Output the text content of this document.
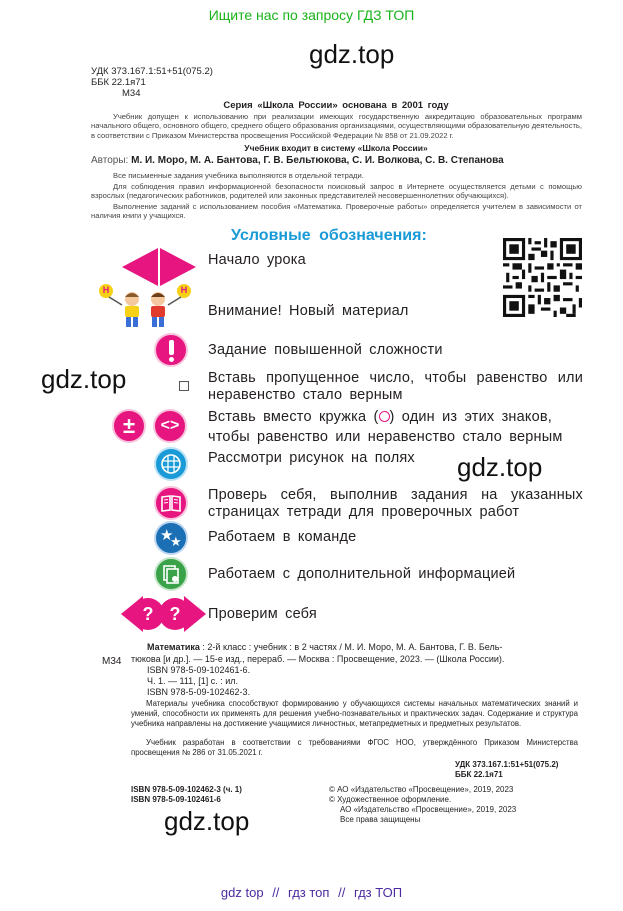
Ищите нас по запросу ГДЗ ТОП
gdz.top
gdz.top
gdz.top
gdz.top
УДК 373.167.1:51+51(075.2)
ББК 22.1я71
М34
Серия «Школа России» основана в 2001 году
Учебник допущен к использованию при реализации имеющих государственную аккредитацию образовательных программ начального общего, основного общего, среднего общего образования организациями, осуществляющими образовательную деятельность, в соответствии с Приказом Министерства просвещения Российской Федерации № 858 от 21.09.2022 г.
Учебник входит в систему «Школа России»
Авторы: М. И. Моро, М. А. Бантова, Г. В. Бельтюкова, С. И. Волкова, С. В. Степанова
Все письменные задания учебника выполняются в отдельной тетради.
Для соблюдения правил информационной безопасности поисковый запрос в Интернете осуществляется детьми с помощью взрослых (педагогических работников, родителей или законных представителей несовершеннолетних обучающихся).
Выполнение заданий с использованием пособия «Математика. Проверочные работы» определяется учителем в зависимости от наличия книги у учащихся.
Условные обозначения:
Начало урока
Н	Н
Внимание! Новый материал
Задание повышенной сложности
Вставь пропущенное число, чтобы равенство или неравенство стало верным
±	<>	Вставь вместо кружка ( ) один из этих знаков,
чтобы равенство или неравенство стало верным
Рассмотри рисунок на полях
Проверь себя, выполнив задания на указанных страницах тетради для проверочных работ
★
★ Работаем в команде
Работаем с дополнительной информацией
? ?	Проверим себя
М34
Математика : 2-й класс : учебник : в 2 частях / М. И. Моро, М. А. Бантова, Г. В. Бель-
тюкова [и др.]. — 15-е изд., перераб. — Москва : Просвещение, 2023. — (Школа России).
ISBN 978-5-09-102461-6.
Ч. 1. — 111, [1] с. : ил.
ISBN 978-5-09-102462-3.
Материалы учебника способствуют формированию у обучающихся системы начальных математических знаний и умений, способности их применять для решения учебно-познавательных и практических задач. Содержание и структура учебника направлены на достижение учащимися личностных, метапредметных и предметных результатов.
Учебник разработан в соответствии с требованиями ФГОС НОО, утверждённого Приказом Министерства просвещения № 286 от 31.05.2021 г.
УДК 373.167.1:51+51(075.2)
ББК 22.1я71
ISBN 978-5-09-102462-3 (ч. 1)
ISBN 978-5-09-102461-6
© АО «Издательство «Просвещение», 2019, 2023
© Художественное оформление.
АО «Издательство «Просвещение», 2019, 2023
Все права защищены
gdz top // гдз топ // гдз ТОП
